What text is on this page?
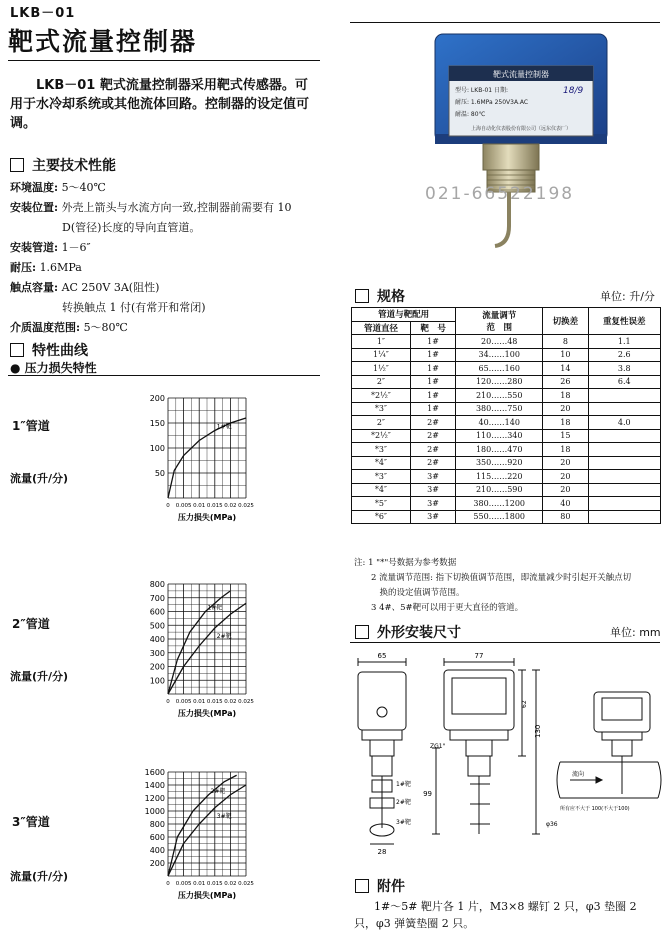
LKB－01
靶式流量控制器
LKB－01 靶式流量控制器采用靶式传感器。可用于水冷却系统或其他流体回路。控制器的设定值可调。
主要技术性能
环境温度: 5～40℃
安装位置: 外壳上箭头与水流方向一致,控制器前需要有 10
D(管径)长度的导向直管道。
安装管道: 1－6″
耐压: 1.6MPa
触点容量: AC 250V 3A(阻性)
转换触点 1 付(有常开和常闭)
介质温度范围: 5～80℃
特性曲线
● 压力损失特性
1″管道
流量(升/分)
2″管道
流量(升/分)
3″管道
流量(升/分)
50
100
150
200
0 0.005 0.01 0.015 0.02 0.025
压力损失(MPa)
1#靶
100
200
300
400
500
600
700
800
0 0.005 0.01 0.015 0.02 0.025
压力损失(MPa)
1#靶
2#靶
200
400
600
800
1000
1200
1400
1600
0 0.005 0.01 0.015 0.02 0.025
压力损失(MPa)
2#靶
3#靶
靶式流量控制器
型号: LKB-01 日期:	18/9
耐压: 1.6MPa 250V3A.AC
耐温: 80℃
上海自动化仪表股份有限公司（远东仪表厂）
021-66522198
规格	单位: 升/分
管道与靶配用		流量调节
范　围	切换差	重复性误差
管道直径	靶　号			
1″	1#	20……48	8	1.1
1¼″	1#	34……100	10	2.6
1½″	1#	65……160	14	3.8
2″	1#	120……280	26	6.4
*2½″	1#	210……550	18	
*3″	1#	380……750	20	
2″	2#	40……140	18	4.0
*2½″	2#	110……340	15	
*3″	2#	180……470	18	
*4″	2#	350……920	20	
*3″	3#	115……220	20	
*4″	3#	210……590	20	
*5″	3#	380……1200	40	
*6″	3#	550……1800	80	
注: 1 "*"号数据为参考数据
　　2 流量调节范围: 指下切换值调节范围，即流量减少时引起开关触点切
　　　换的设定值调节范围。
　　3 4#、5#靶可以用于更大直径的管道。
外形安装尺寸	单位: mm
65	77
130
62
99
28
ZG1"
1#靶
2#靶
3#靶
流向
所有应不大于 100(不大于100)
φ36
附件
1#～5# 靶片各 1 片，M3×8 螺钉 2 只，φ3 垫圈 2 只，φ3 弹簧垫圈 2 只。
